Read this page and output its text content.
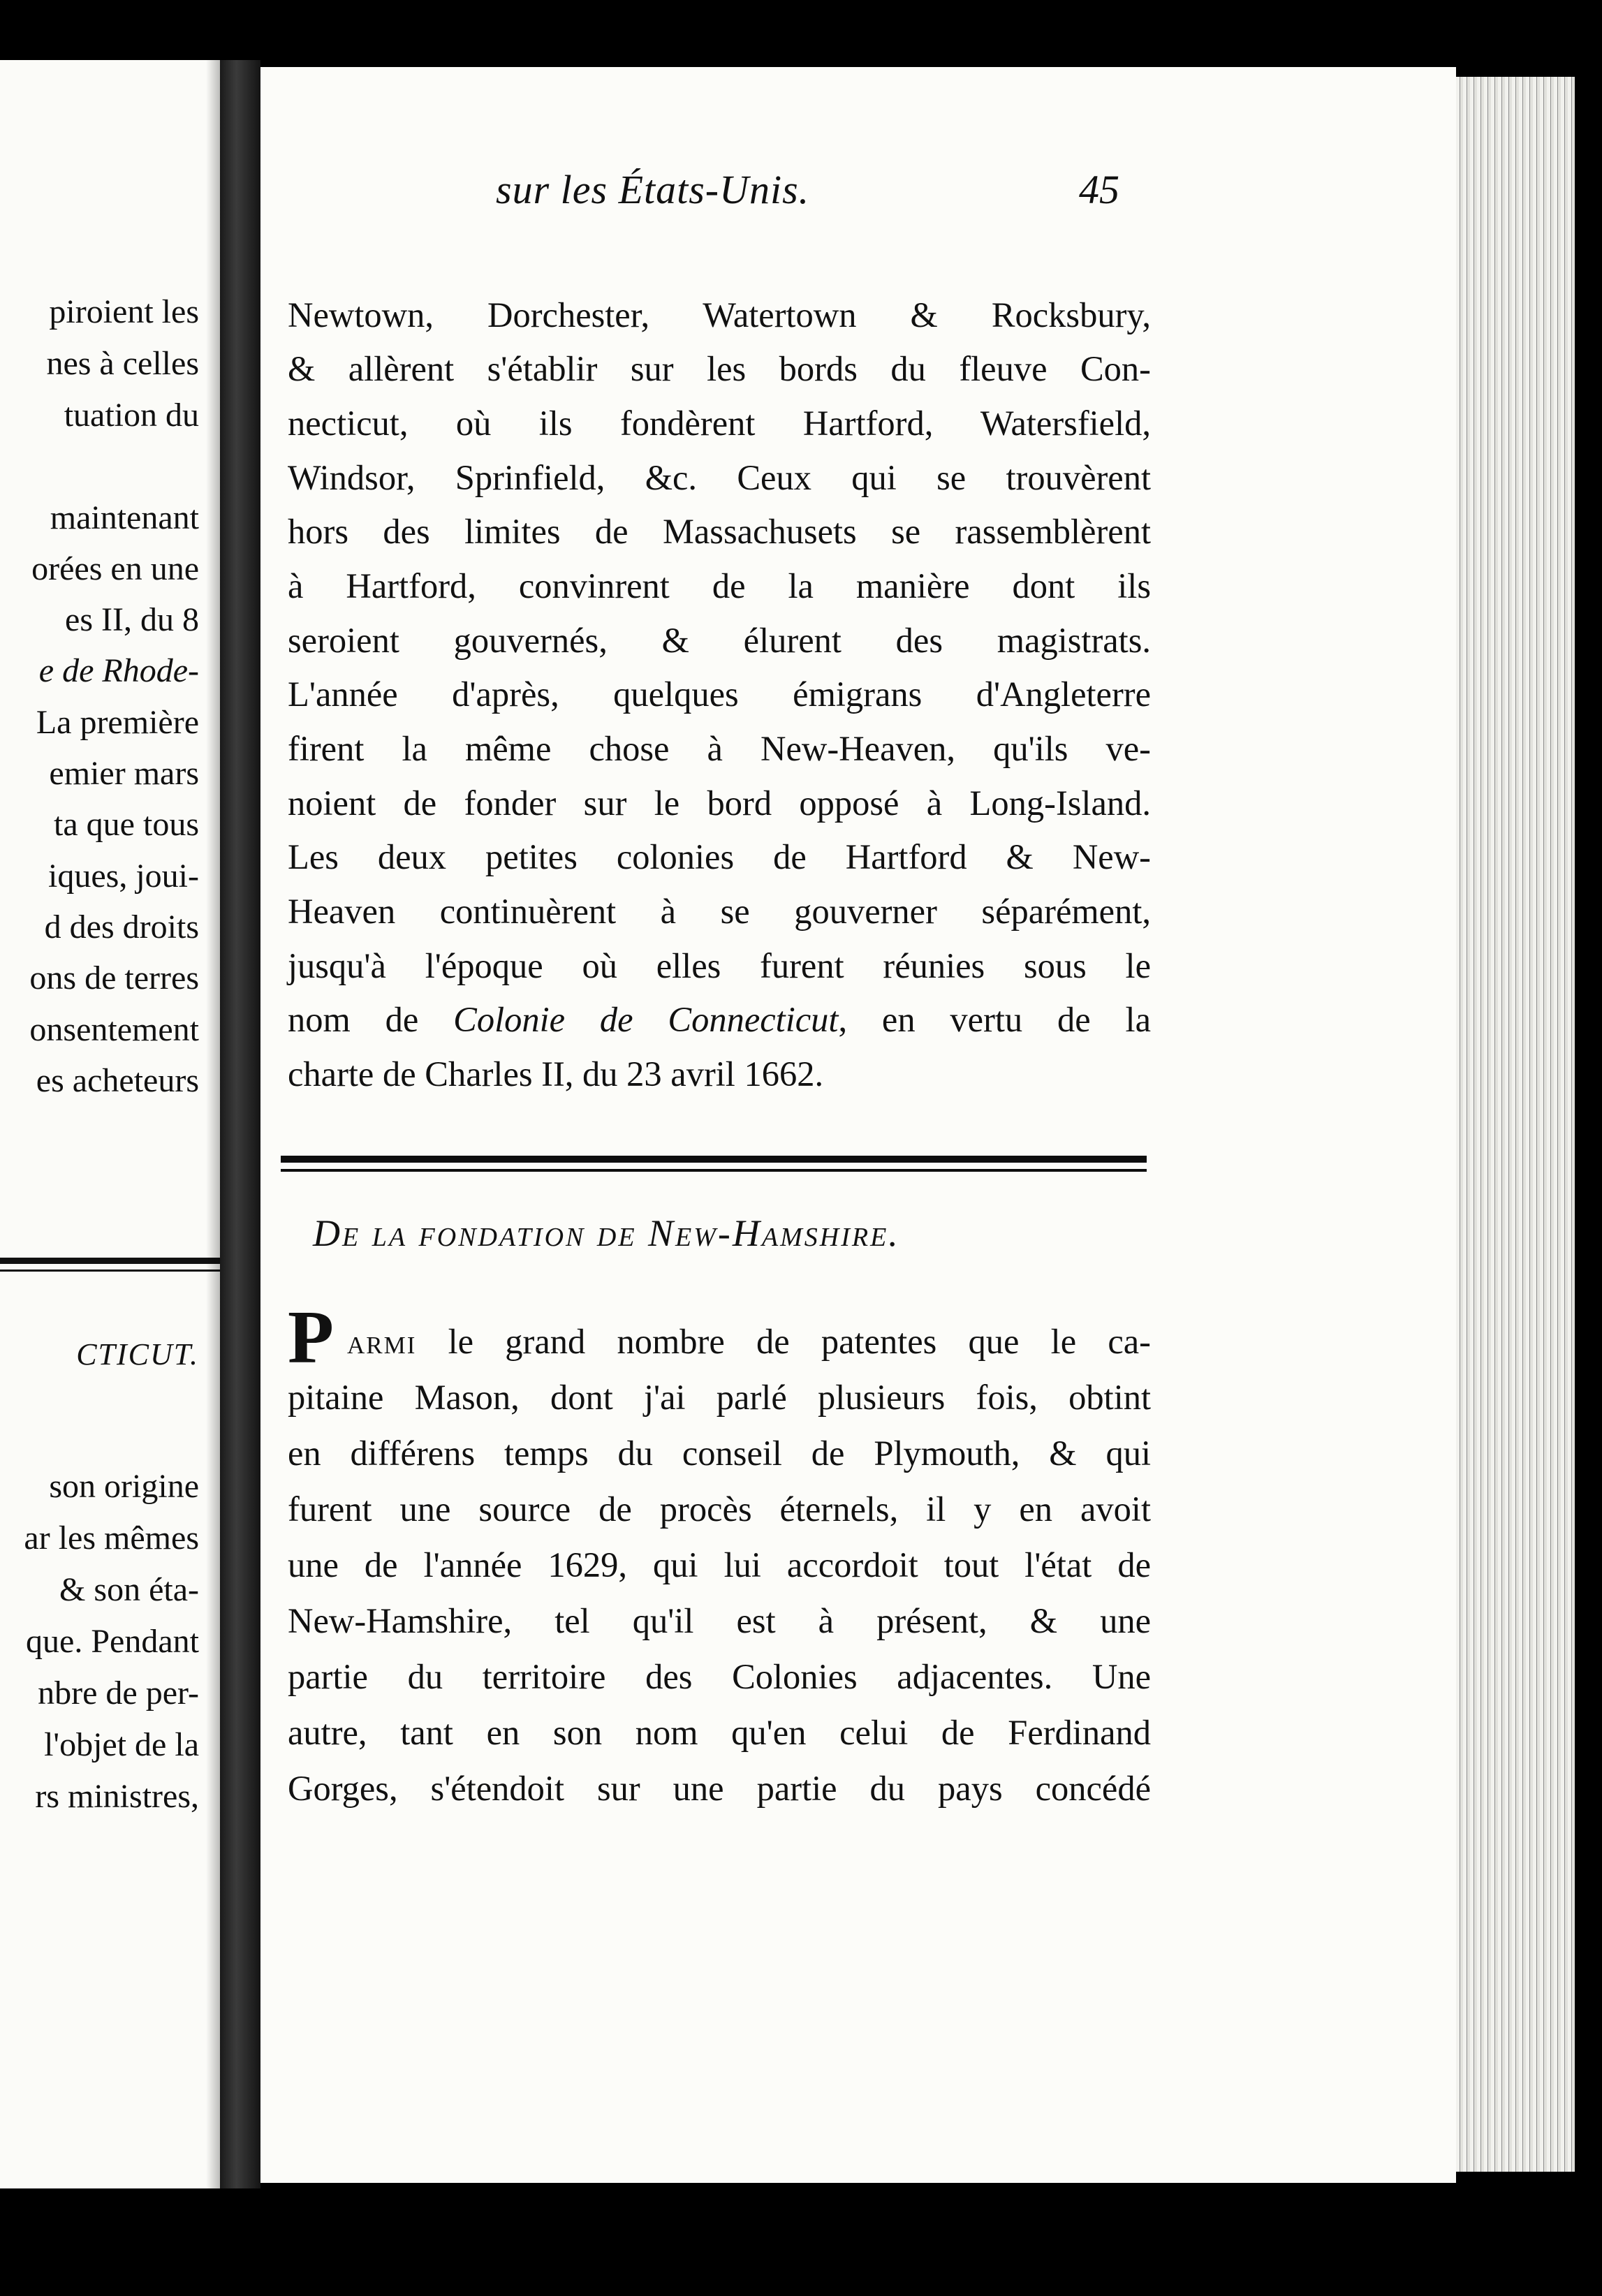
piroient les
nes à celles
tuation du
maintenant
orées en une
es II, du 8
e de Rhode-
La première
emier mars
ta que tous
iques, joui-
d des droits
ons de terres
onsentement
es acheteurs
CTICUT.
son origine
ar les mêmes
& son éta-
que. Pendant
nbre de per-
l'objet de la
rs ministres,
sur les États-Unis.	45
Newtown, Dorchester, Watertown & Rocksbury,
& allèrent s'établir sur les bords du fleuve Con-
necticut, où ils fondèrent Hartford, Watersfield,
Windsor, Sprinfield, &c. Ceux qui se trouvèrent
hors des limites de Massachusets se rassemblèrent
à Hartford, convinrent de la manière dont ils
seroient gouvernés, & élurent des magistrats.
L'année d'après, quelques émigrans d'Angleterre
firent la même chose à New-Heaven, qu'ils ve-
noient de fonder sur le bord opposé à Long-Island.
Les deux petites colonies de Hartford & New-
Heaven continuèrent à se gouverner séparément,
jusqu'à l'époque où elles furent réunies sous le
nom de Colonie de Connecticut, en vertu de la
charte de Charles II, du 23 avril 1662.
De la fondation de New-Hamshire.
P armi le grand nombre de patentes que le ca-
pitaine Mason, dont j'ai parlé plusieurs fois, obtint
en différens temps du conseil de Plymouth, & qui
furent une source de procès éternels, il y en avoit
une de l'année 1629, qui lui accordoit tout l'état de
New-Hamshire, tel qu'il est à présent, & une
partie du territoire des Colonies adjacentes. Une
autre, tant en son nom qu'en celui de Ferdinand
Gorges, s'étendoit sur une partie du pays concédé
